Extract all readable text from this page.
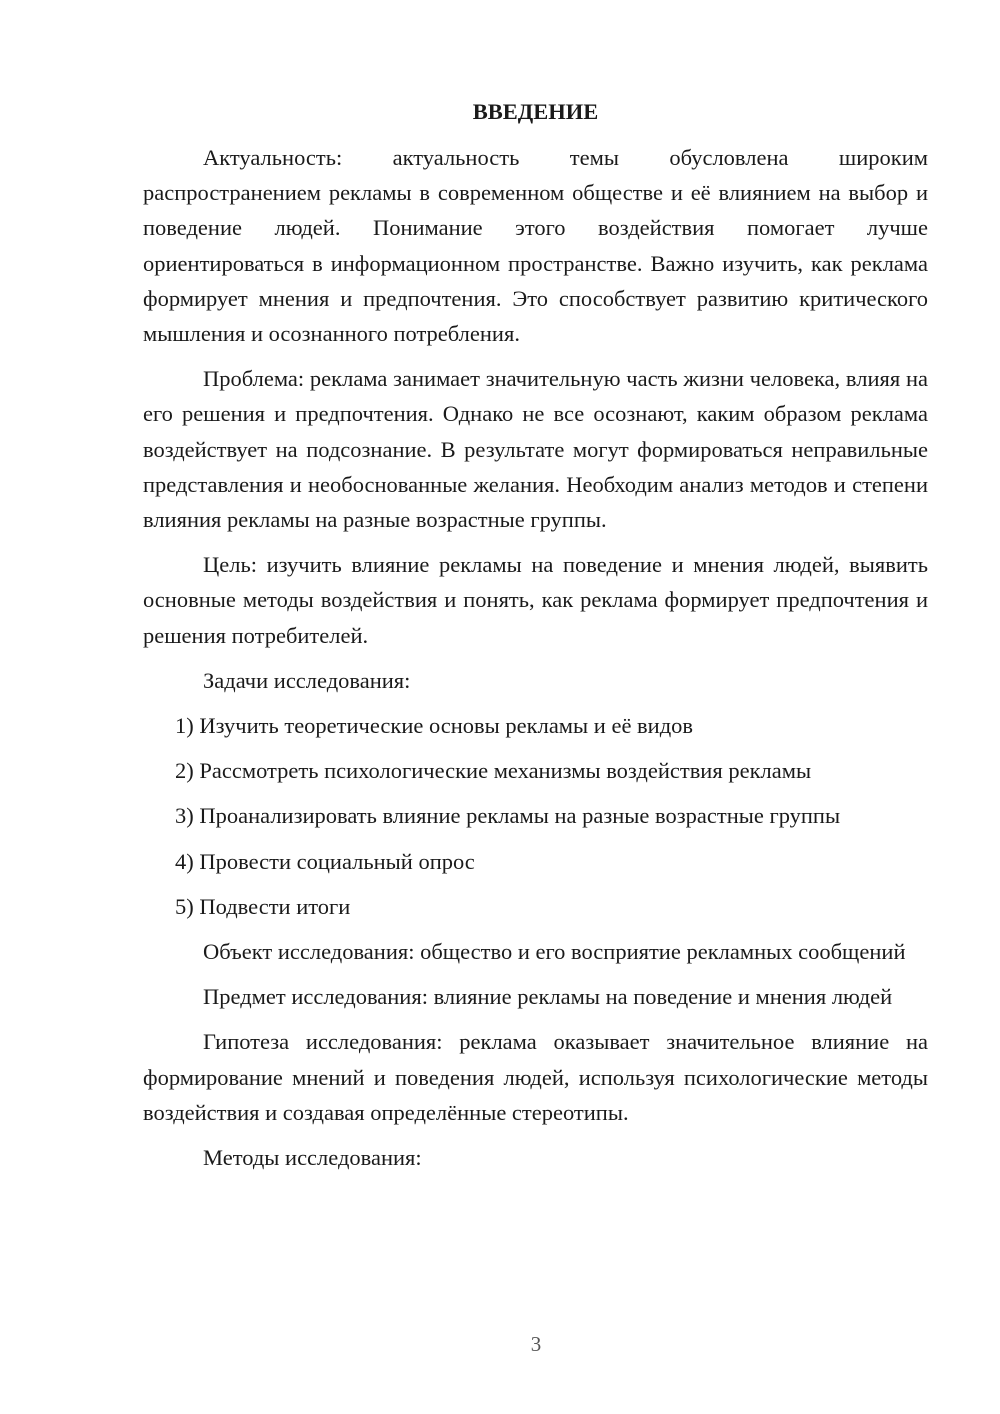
ВВЕДЕНИЕ

Актуальность: актуальность темы обусловлена широким распространением рекламы в современном обществе и её влиянием на выбор и поведение людей. Понимание этого воздействия помогает лучше ориентироваться в информационном пространстве. Важно изучить, как реклама формирует мнения и предпочтения. Это способствует развитию критического мышления и осознанного потребления.

Проблема: реклама занимает значительную часть жизни человека, влияя на его решения и предпочтения. Однако не все осознают, каким образом реклама воздействует на подсознание. В результате могут формироваться неправильные представления и необоснованные желания. Необходим анализ методов и степени влияния рекламы на разные возрастные группы.

Цель: изучить влияние рекламы на поведение и мнения людей, выявить основные методы воздействия и понять, как реклама формирует предпочтения и решения потребителей.

Задачи исследования:

1) Изучить теоретические основы рекламы и её видов
2) Рассмотреть психологические механизмы воздействия рекламы
3) Проанализировать влияние рекламы на разные возрастные группы
4) Провести социальный опрос
5) Подвести итоги

Объект исследования: общество и его восприятие рекламных сообщений

Предмет исследования: влияние рекламы на поведение и мнения людей

Гипотеза исследования: реклама оказывает значительное влияние на формирование мнений и поведения людей, используя психологические методы воздействия и создавая определённые стереотипы.

Методы исследования:

3
